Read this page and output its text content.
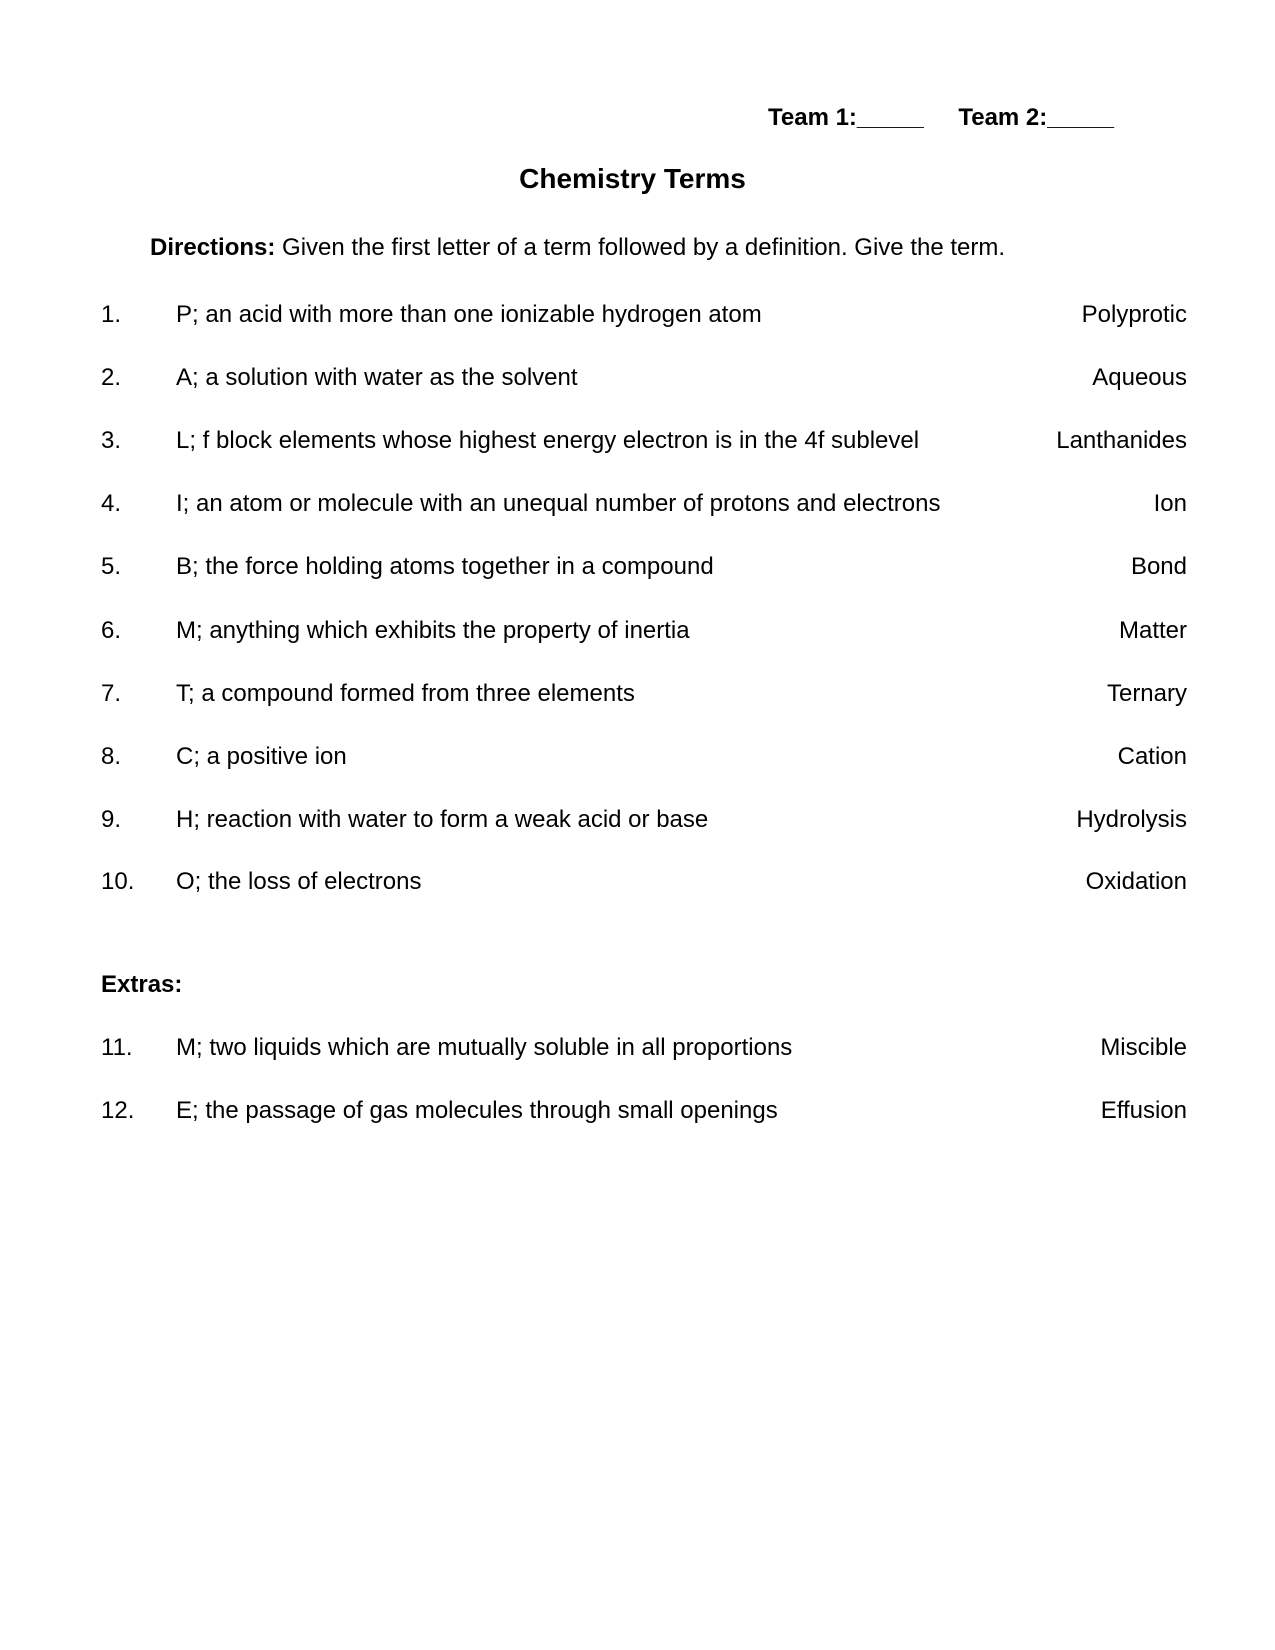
Team 1:_____ Team 2:_____
Chemistry Terms
Directions: Given the first letter of a term followed by a definition. Give the term.
1. P; an acid with more than one ionizable hydrogen atom	Polyprotic
2. A; a solution with water as the solvent	Aqueous
3. L; f block elements whose highest energy electron is in the 4f sublevel	Lanthanides
4. I; an atom or molecule with an unequal number of protons and electrons	Ion
5. B; the force holding atoms together in a compound	Bond
6. M; anything which exhibits the property of inertia	Matter
7. T; a compound formed from three elements	Ternary
8. C; a positive ion	Cation
9. H; reaction with water to form a weak acid or base	Hydrolysis
10. O; the loss of electrons	Oxidation
Extras:
11. M; two liquids which are mutually soluble in all proportions	Miscible
12. E; the passage of gas molecules through small openings	Effusion
